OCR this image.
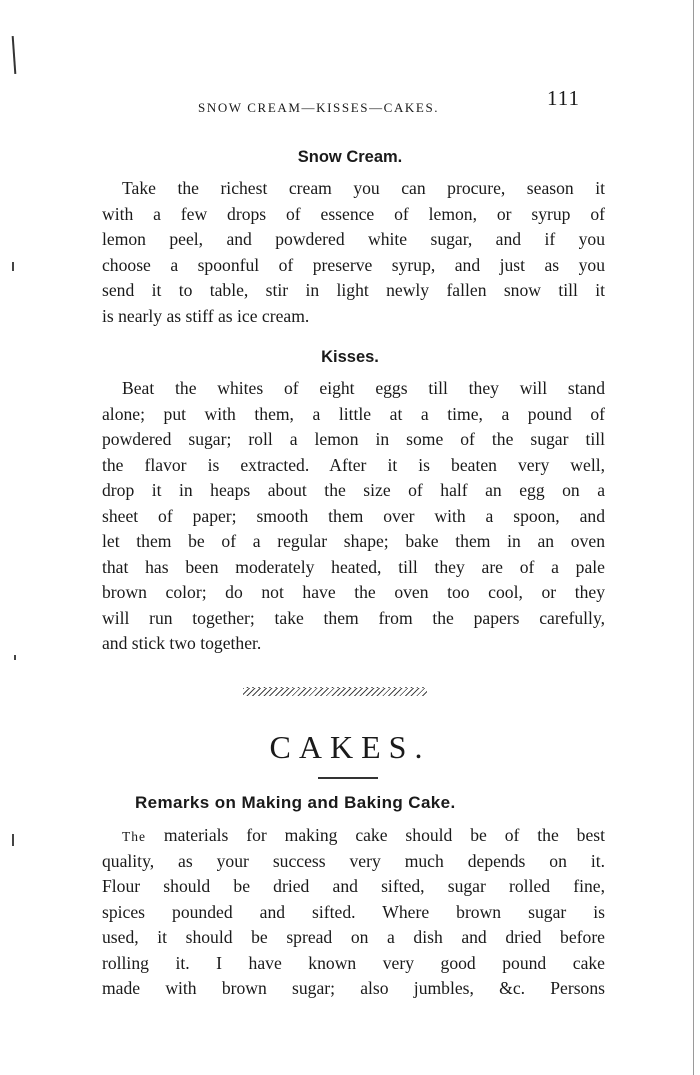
SNOW CREAM—KISSES—CAKES.	111
Snow Cream.
Take the richest cream you can procure, season it
with a few drops of essence of lemon, or syrup of
lemon peel, and powdered white sugar, and if you
choose a spoonful of preserve syrup, and just as you
send it to table, stir in light newly fallen snow till it
is nearly as stiff as ice cream.
Kisses.
Beat the whites of eight eggs till they will stand
alone; put with them, a little at a time, a pound of
powdered sugar; roll a lemon in some of the sugar till
the flavor is extracted. After it is beaten very well,
drop it in heaps about the size of half an egg on a
sheet of paper; smooth them over with a spoon, and
let them be of a regular shape; bake them in an oven
that has been moderately heated, till they are of a pale
brown color; do not have the oven too cool, or they
will run together; take them from the papers carefully,
and stick two together.
CAKES.
Remarks on Making and Baking Cake.
The materials for making cake should be of the best
quality, as your success very much depends on it.
Flour should be dried and sifted, sugar rolled fine,
spices pounded and sifted. Where brown sugar is
used, it should be spread on a dish and dried before
rolling it. I have known very good pound cake
made with brown sugar; also jumbles, &c. Persons
